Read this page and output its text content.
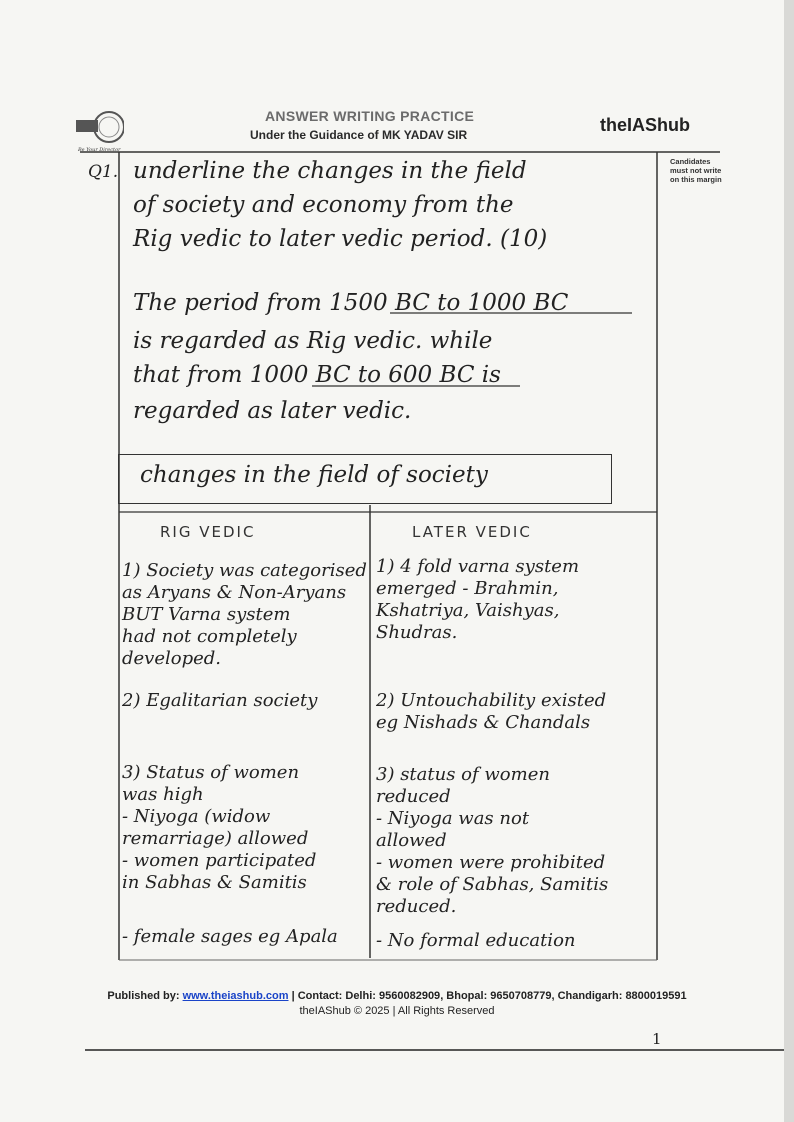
Be Your Director
ANSWER WRITING PRACTICE
Under the Guidance of MK YADAV SIR	theIAShub
Candidates must not write on this margin
Q1. underline the changes in the field
of society and economy from the
Rig vedic to later vedic period. (10)
The period from 1500 BC to 1000 BC
is regarded as Rig vedic. while
that from 1000 BC to 600 BC is
regarded as later vedic.
changes in the field of society
RIG VEDIC	LATER VEDIC
1) Society was categorised
as Aryans & Non-Aryans
BUT Varna system
had not completely
developed.
2) Egalitarian society
3) Status of women
was high
- Niyoga (widow
remarriage) allowed
- women participated
in Sabhas & Samitis
- female sages eg Apala
1) 4 fold varna system
emerged - Brahmin,
Kshatriya, Vaishyas,
Shudras.
2) Untouchability existed
eg Nishads & Chandals
3) status of women
reduced
- Niyoga was not
allowed
- women were prohibited
& role of Sabhas, Samitis
reduced.
- No formal education
Published by: www.theiashub.com | Contact: Delhi: 9560082909, Bhopal: 9650708779, Chandigarh: 8800019591
theIAShub © 2025 | All Rights Reserved
1
